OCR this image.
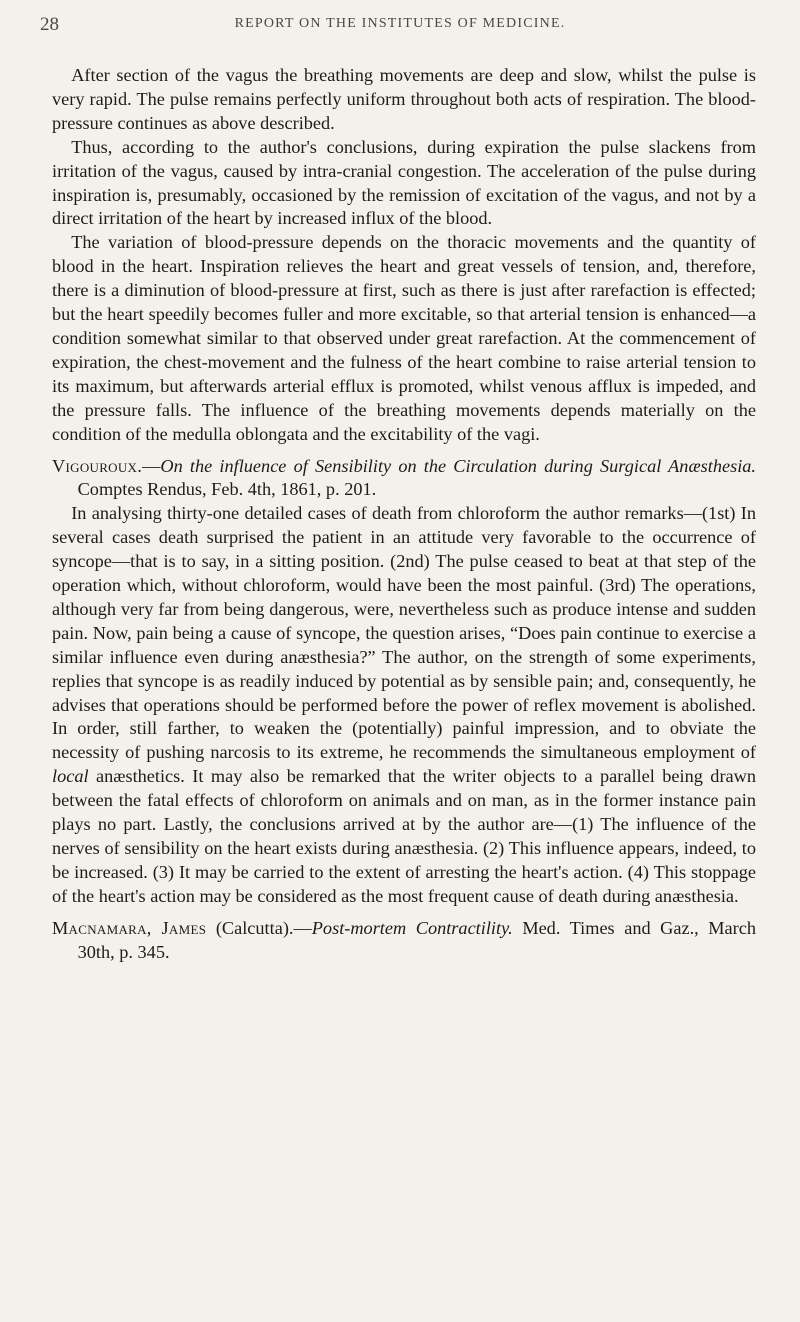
28	REPORT ON THE INSTITUTES OF MEDICINE.

After section of the vagus the breathing movements are deep and slow, whilst the pulse is very rapid. The pulse remains perfectly uniform throughout both acts of respiration. The blood-pressure continues as above described.

Thus, according to the author's conclusions, during expiration the pulse slackens from irritation of the vagus, caused by intra-cranial congestion. The acceleration of the pulse during inspiration is, presumably, occasioned by the remission of excitation of the vagus, and not by a direct irritation of the heart by increased influx of the blood.

The variation of blood-pressure depends on the thoracic movements and the quantity of blood in the heart. Inspiration relieves the heart and great vessels of tension, and, therefore, there is a diminution of blood-pressure at first, such as there is just after rarefaction is effected; but the heart speedily becomes fuller and more excitable, so that arterial tension is enhanced—a condition somewhat similar to that observed under great rarefaction. At the commencement of expiration, the chest-movement and the fulness of the heart combine to raise arterial tension to its maximum, but afterwards arterial efflux is promoted, whilst venous afflux is impeded, and the pressure falls. The influence of the breathing movements depends materially on the condition of the medulla oblongata and the excitability of the vagi.

Vigouroux.—On the influence of Sensibility on the Circulation during Surgical Anæsthesia. Comptes Rendus, Feb. 4th, 1861, p. 201.

In analysing thirty-one detailed cases of death from chloroform the author remarks—(1st) In several cases death surprised the patient in an attitude very favorable to the occurrence of syncope—that is to say, in a sitting position. (2nd) The pulse ceased to beat at that step of the operation which, without chloroform, would have been the most painful. (3rd) The operations, although very far from being dangerous, were, nevertheless such as produce intense and sudden pain. Now, pain being a cause of syncope, the question arises, “Does pain continue to exercise a similar influence even during anæsthesia?” The author, on the strength of some experiments, replies that syncope is as readily induced by potential as by sensible pain; and, consequently, he advises that operations should be performed before the power of reflex movement is abolished. In order, still farther, to weaken the (potentially) painful impression, and to obviate the necessity of pushing narcosis to its extreme, he recommends the simultaneous employment of local anæsthetics. It may also be remarked that the writer objects to a parallel being drawn between the fatal effects of chloroform on animals and on man, as in the former instance pain plays no part. Lastly, the conclusions arrived at by the author are—(1) The influence of the nerves of sensibility on the heart exists during anæsthesia. (2) This influence appears, indeed, to be increased. (3) It may be carried to the extent of arresting the heart's action. (4) This stoppage of the heart's action may be considered as the most frequent cause of death during anæsthesia.

Macnamara, James (Calcutta).—Post-mortem Contractility. Med. Times and Gaz., March 30th, p. 345.
